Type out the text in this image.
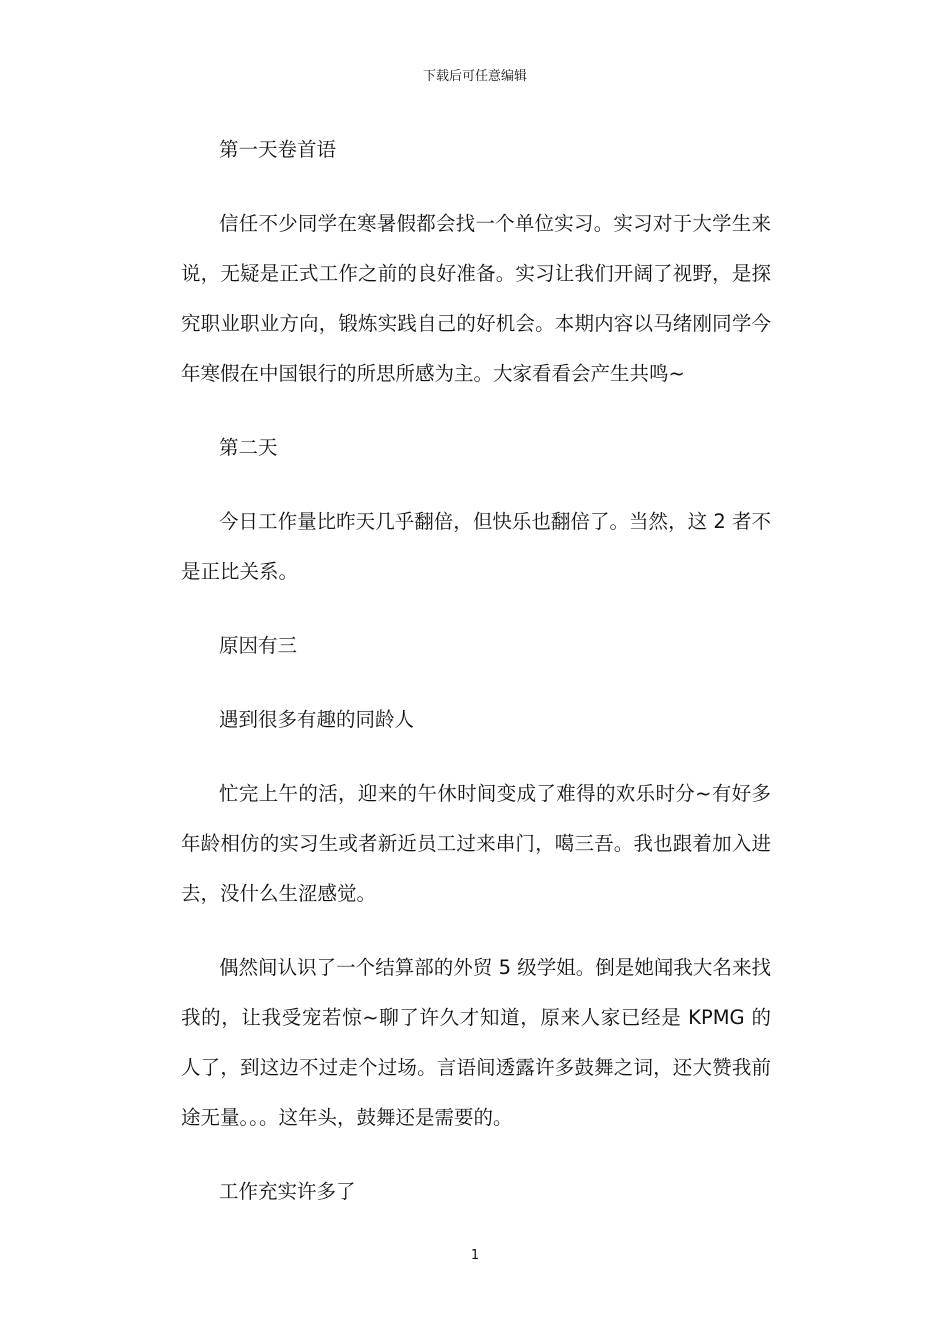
下载后可任意编辑

第一天卷首语

信任不少同学在寒暑假都会找一个单位实习。实习对于大学生来说，无疑是正式工作之前的良好准备。实习让我们开阔了视野，是探究职业职业方向，锻炼实践自己的好机会。本期内容以马绪刚同学今年寒假在中国银行的所思所感为主。大家看看会产生共鸣~

第二天

今日工作量比昨天几乎翻倍，但快乐也翻倍了。当然，这 2 者不是正比关系。

原因有三

遇到很多有趣的同龄人

忙完上午的活，迎来的午休时间变成了难得的欢乐时分~有好多年龄相仿的实习生或者新近员工过来串门，噶三吾。我也跟着加入进去，没什么生涩感觉。

偶然间认识了一个结算部的外贸 5 级学姐。倒是她闻我大名来找我的，让我受宠若惊~聊了许久才知道，原来人家已经是 KPMG 的人了，到这边不过走个过场。言语间透露许多鼓舞之词，还大赞我前途无量。。。这年头，鼓舞还是需要的。

工作充实许多了

1
